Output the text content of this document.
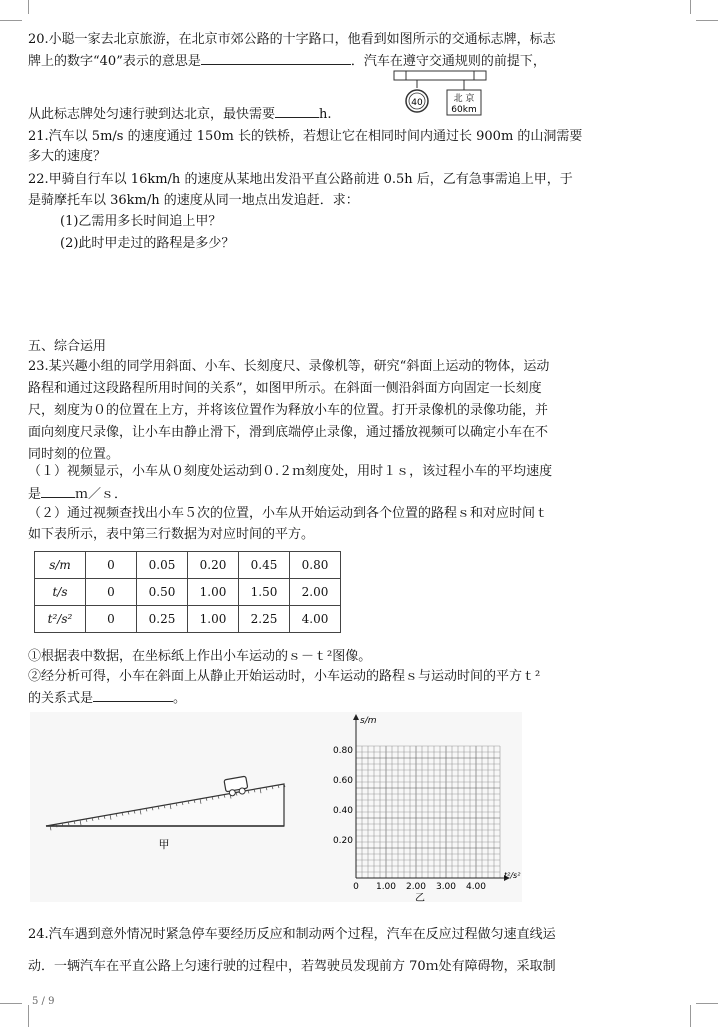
20.小聪一家去北京旅游，在北京市郊公路的十字路口，他看到如图所示的交通标志牌，标志
牌上的数字“40”表示的意思是	．汽车在遵守交通规则的前提下，
40	北 京
60km
从此标志牌处匀速行驶到达北京，最快需要	h.
21.汽车以 5m/s 的速度通过 150m 长的铁桥，若想让它在相同时间内通过长 900m 的山洞需要
多大的速度？
22.甲骑自行车以 16km/h 的速度从某地出发沿平直公路前进 0.5h 后，乙有急事需追上甲，于
是骑摩托车以 36km/h 的速度从同一地点出发追赶．求：
(1)乙需用多长时间追上甲？
(2)此时甲走过的路程是多少？
五、综合运用
23.某兴趣小组的同学用斜面、小车、长刻度尺、录像机等，研究“斜面上运动的物体，运动
路程和通过这段路程所用时间的关系”，如图甲所示。在斜面一侧沿斜面方向固定一长刻度
尺，刻度为０的位置在上方，并将该位置作为释放小车的位置。打开录像机的录像功能，并
面向刻度尺录像，让小车由静止滑下，滑到底端停止录像，通过播放视频可以确定小车在不
同时刻的位置。
（１）视频显示，小车从０刻度处运动到０.２ｍ刻度处，用时１ｓ，该过程小车的平均速度
是	ｍ／ｓ．
（２）通过视频查找出小车５次的位置，小车从开始运动到各个位置的路程ｓ和对应时间ｔ
如下表所示，表中第三行数据为对应时间的平方。
s/m	0	0.05	0.20	0.45	0.80
t/s	0	0.50	1.00	1.50	2.00
t²/s²	0	0.25	1.00	2.25	4.00
①根据表中数据，在坐标纸上作出小车运动的ｓ－ｔ²图像。
②经分析可得，小车在斜面上从静止开始运动时，小车运动的路程ｓ与运动时间的平方ｔ²
的关系式是	。
甲
s/m
t²/s²
0.80
0.60
0.40
0.20
0 1.00 2.00 3.00 4.00
乙
24.汽车遇到意外情况时紧急停车要经历反应和制动两个过程，汽车在反应过程做匀速直线运
动．一辆汽车在平直公路上匀速行驶的过程中，若驾驶员发现前方 70ｍ处有障碍物，采取制
5 / 9
